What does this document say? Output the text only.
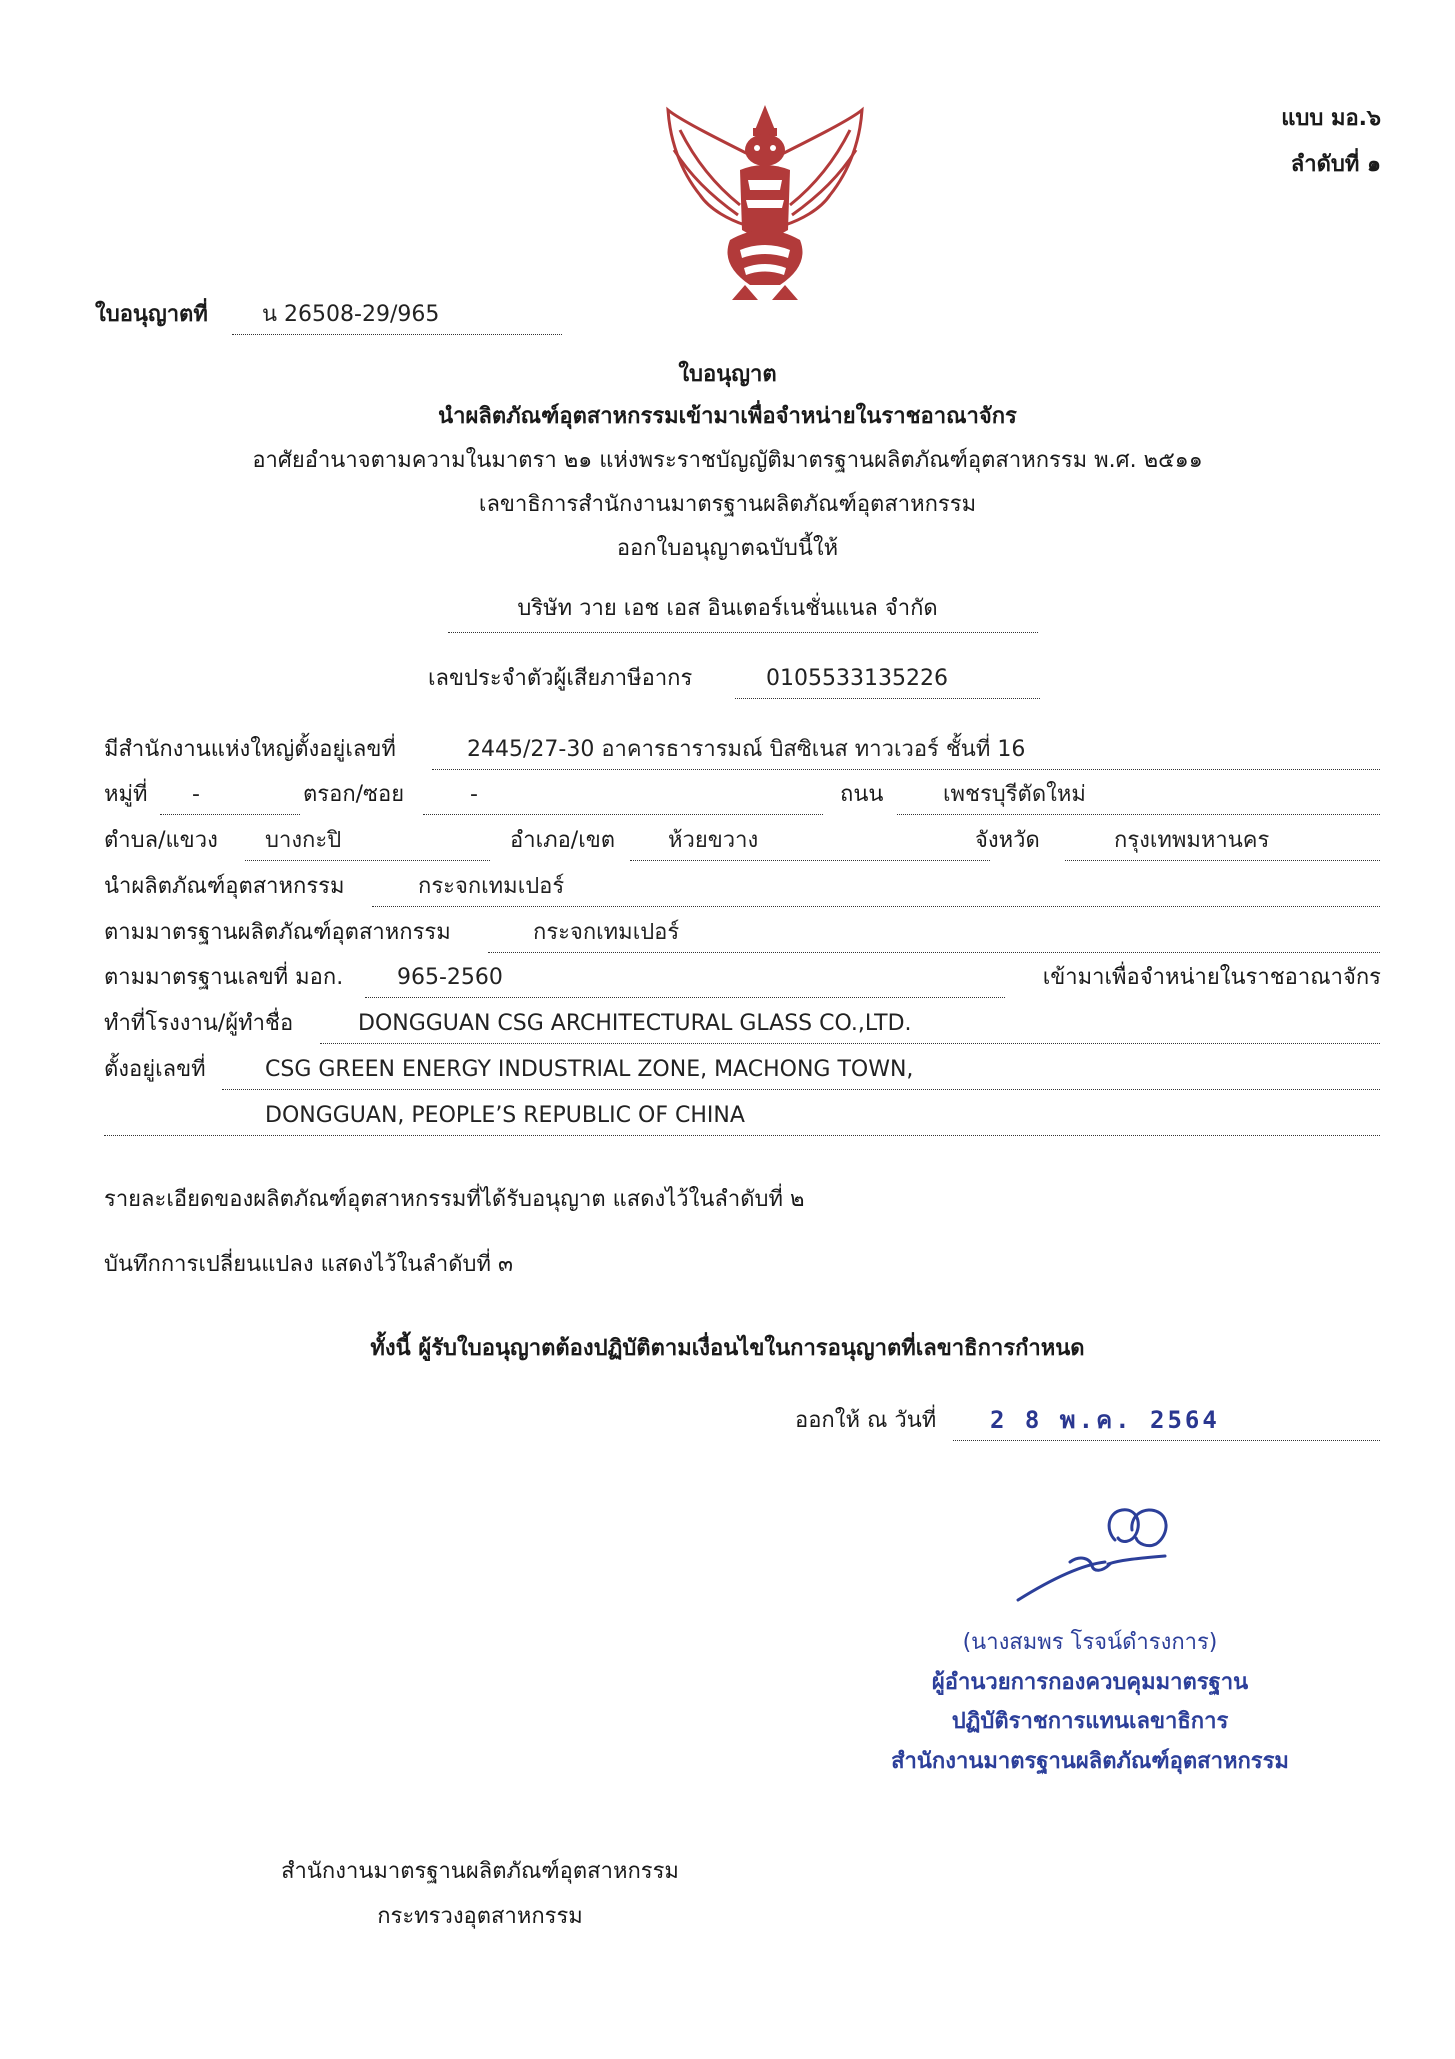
แบบ มอ.๖
ลำดับที่ ๑
ใบอนุญาตที่ น 26508-29/965
ใบอนุญาต
นำผลิตภัณฑ์อุตสาหกรรมเข้ามาเพื่อจำหน่ายในราชอาณาจักร
อาศัยอำนาจตามความในมาตรา ๒๑ แห่งพระราชบัญญัติมาตรฐานผลิตภัณฑ์อุตสาหกรรม พ.ศ. ๒๕๑๑
เลขาธิการสำนักงานมาตรฐานผลิตภัณฑ์อุตสาหกรรม
ออกใบอนุญาตฉบับนี้ให้
บริษัท วาย เอช เอส อินเตอร์เนชั่นแนล จำกัด
เลขประจำตัวผู้เสียภาษีอากร	0105533135226
มีสำนักงานแห่งใหญ่ตั้งอยู่เลขที่	2445/27-30 อาคารธารารมณ์ บิสซิเนส ทาวเวอร์ ชั้นที่ 16
หมู่ที่ -	ตรอก/ซอย	-	ถนน	เพชรบุรีตัดใหม่
ตำบล/แขวง บางกะปิ	อำเภอ/เขต ห้วยขวาง	จังหวัด	กรุงเทพมหานคร
นำผลิตภัณฑ์อุตสาหกรรม	กระจกเทมเปอร์
ตามมาตรฐานผลิตภัณฑ์อุตสาหกรรม	กระจกเทมเปอร์
ตามมาตรฐานเลขที่ มอก. 965-2560	เข้ามาเพื่อจำหน่ายในราชอาณาจักร
ทำที่โรงงาน/ผู้ทำชื่อ	DONGGUAN CSG ARCHITECTURAL GLASS CO.,LTD.
ตั้งอยู่เลขที่	CSG GREEN ENERGY INDUSTRIAL ZONE, MACHONG TOWN,
DONGGUAN, PEOPLE’S REPUBLIC OF CHINA
รายละเอียดของผลิตภัณฑ์อุตสาหกรรมที่ได้รับอนุญาต แสดงไว้ในลำดับที่ ๒
บันทึกการเปลี่ยนแปลง แสดงไว้ในลำดับที่ ๓
ทั้งนี้ ผู้รับใบอนุญาตต้องปฏิบัติตามเงื่อนไขในการอนุญาตที่เลขาธิการกำหนด
ออกให้ ณ วันที่ 2 8 พ.ค. 2564
(นางสมพร โรจน์ดำรงการ)
ผู้อำนวยการกองควบคุมมาตรฐาน
ปฏิบัติราชการแทนเลขาธิการ
สำนักงานมาตรฐานผลิตภัณฑ์อุตสาหกรรม
สำนักงานมาตรฐานผลิตภัณฑ์อุตสาหกรรม
กระทรวงอุตสาหกรรม
